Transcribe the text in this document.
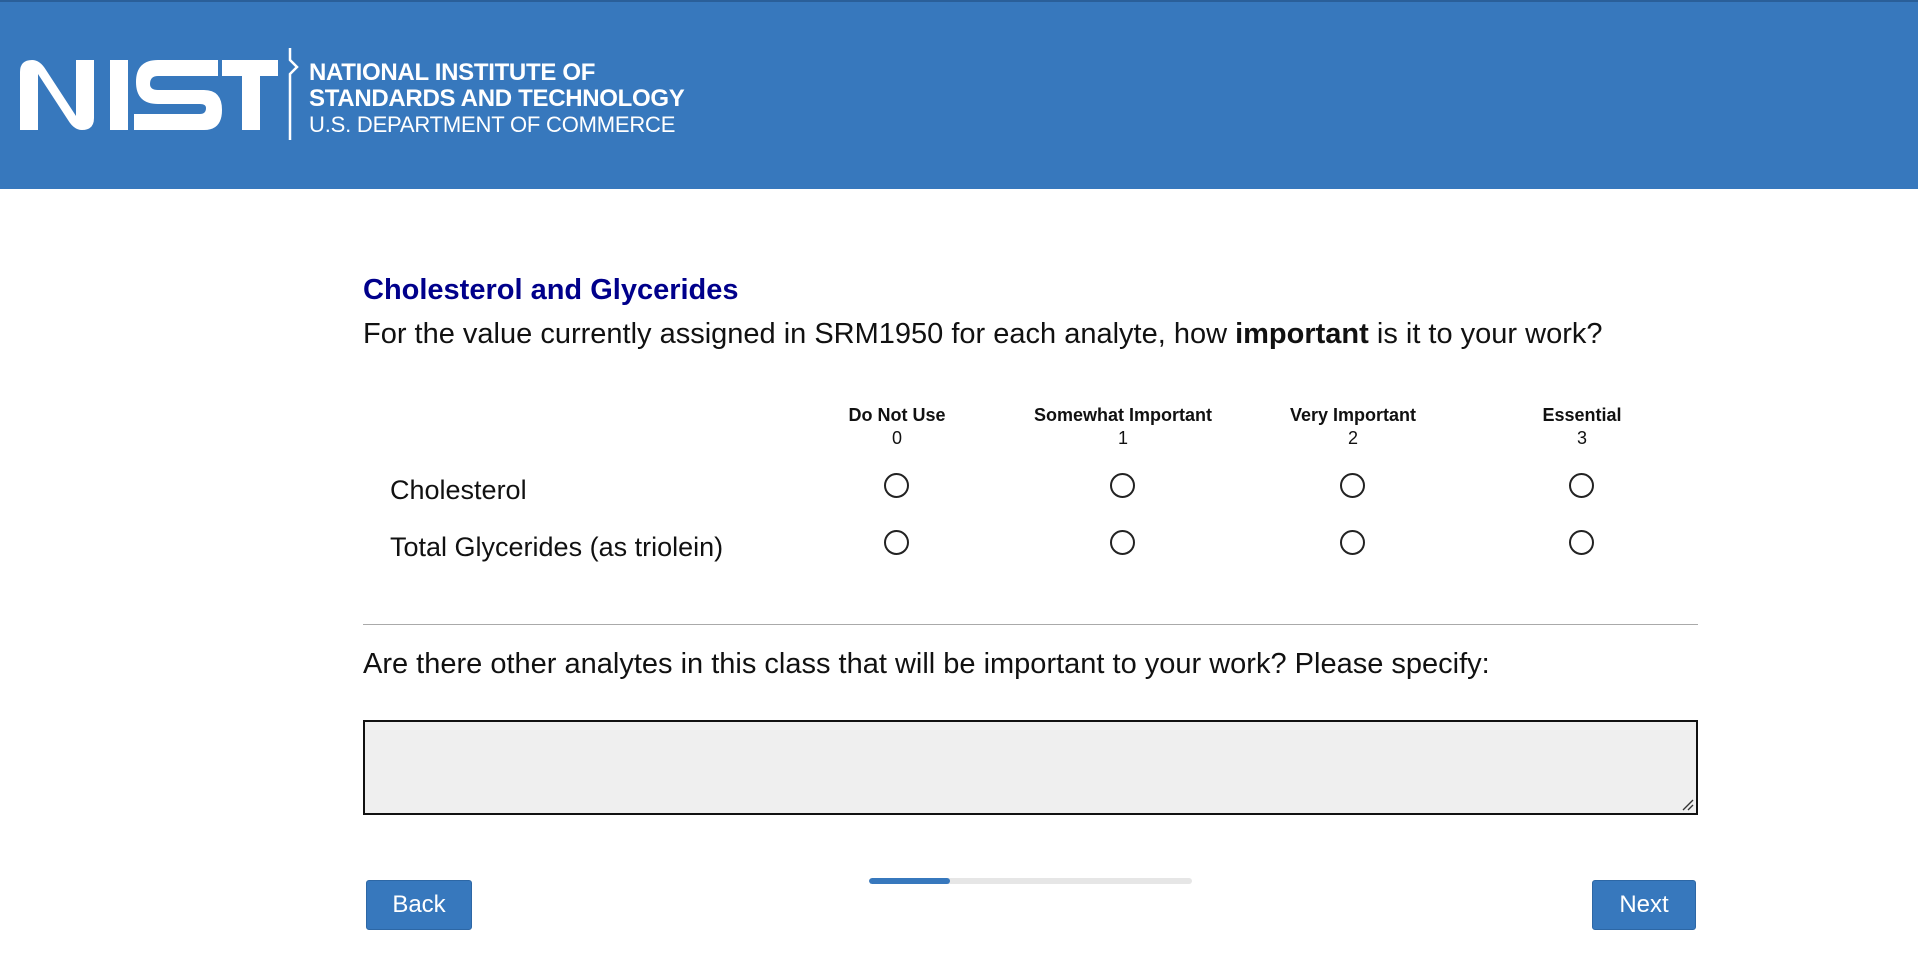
NATIONAL INSTITUTE OF
STANDARDS AND TECHNOLOGY
U.S. DEPARTMENT OF COMMERCE
Cholesterol and Glycerides
For the value currently assigned in SRM1950 for each analyte, how important is it to your work?
Do Not Use
0
Somewhat Important
1
Very Important
2
Essential
3
Cholesterol
Total Glycerides (as triolein)
Are there other analytes in this class that will be important to your work? Please specify:
Back	Next
